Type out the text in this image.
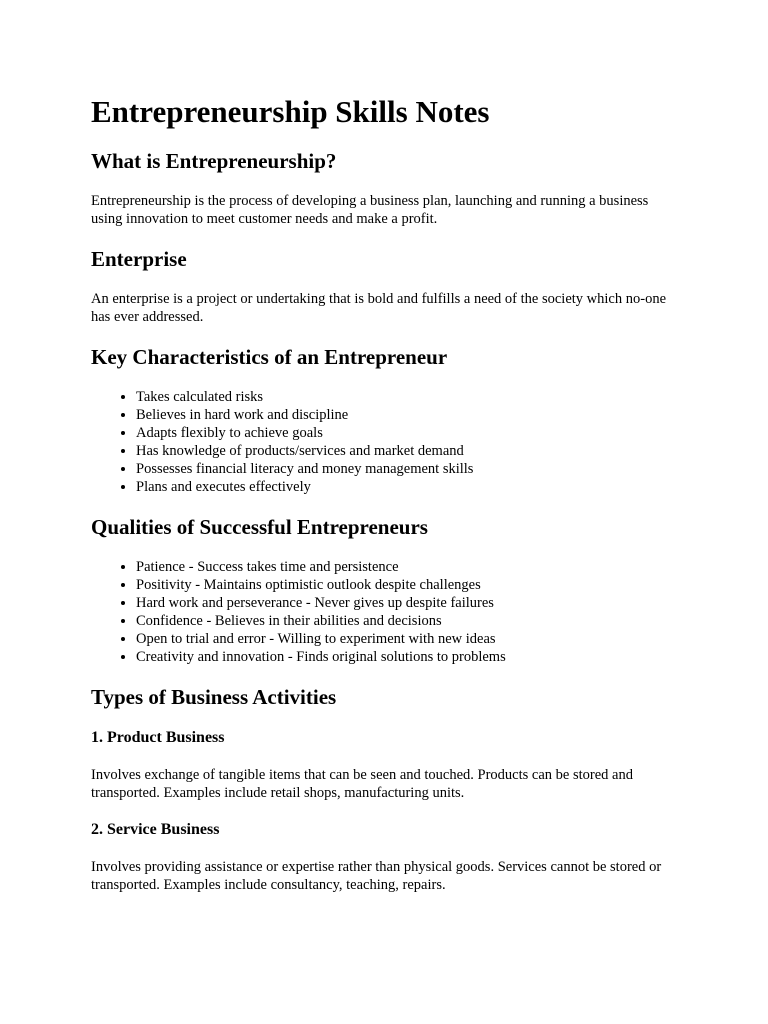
Entrepreneurship Skills Notes
What is Entrepreneurship?

Entrepreneurship is the process of developing a business plan, launching and running a business using innovation to meet customer needs and make a profit.

Enterprise

An enterprise is a project or undertaking that is bold and fulfills a need of the society which no-one has ever addressed.

Key Characteristics of an Entrepreneur
• Takes calculated risks
• Believes in hard work and discipline
• Adapts flexibly to achieve goals
• Has knowledge of products/services and market demand
• Possesses financial literacy and money management skills
• Plans and executes effectively
Qualities of Successful Entrepreneurs
• Patience - Success takes time and persistence
• Positivity - Maintains optimistic outlook despite challenges
• Hard work and perseverance - Never gives up despite failures
• Confidence - Believes in their abilities and decisions
• Open to trial and error - Willing to experiment with new ideas
• Creativity and innovation - Finds original solutions to problems
Types of Business Activities
1. Product Business

Involves exchange of tangible items that can be seen and touched. Products can be stored and transported. Examples include retail shops, manufacturing units.

2. Service Business

Involves providing assistance or expertise rather than physical goods. Services cannot be stored or transported. Examples include consultancy, teaching, repairs.
